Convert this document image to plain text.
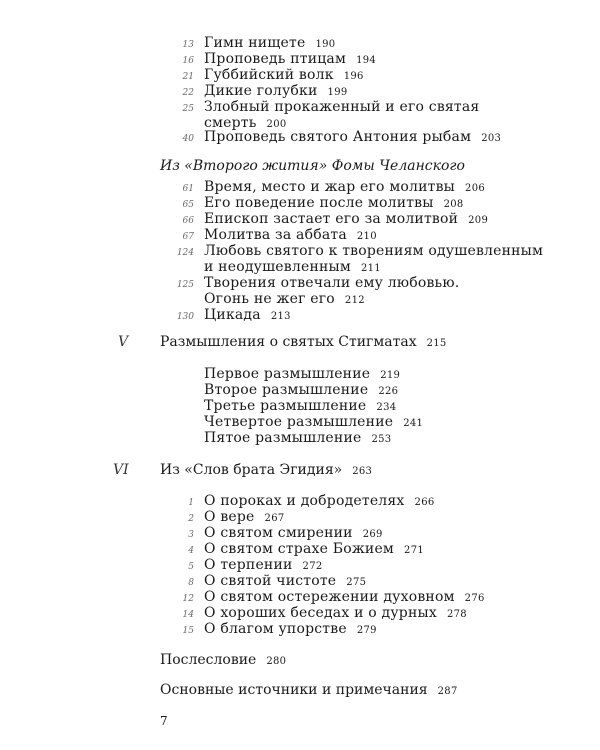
13 Гимн нищете 190
16 Проповедь птицам 194
21 Губбийский волк 196
22 Дикие голубки 199
25 Злобный прокаженный и его святая
смерть 200
40 Проповедь святого Антония рыбам 203
Из «Второго жития» Фомы Челанского
61 Время, место и жар его молитвы 206
65 Его поведение после молитвы 208
66 Епископ застает его за молитвой 209
67 Молитва за аббата 210
124 Любовь святого к творениям одушевленным
и неодушевленным 211
125 Творения отвечали ему любовью.
Огонь не жег его 212
130 Цикада 213
V Размышления о святых Стигматах 215
Первое размышление 219
Второе размышление 226
Третье размышление 234
Четвертое размышление 241
Пятое размышление 253
VI Из «Слов брата Эгидия» 263
1 О пороках и добродетелях 266
2 О вере 267
3 О святом смирении 269
4 О святом страхе Божием 271
5 О терпении 272
8 О святой чистоте 275
12 О святом остережении духовном 276
14 О хороших беседах и о дурных 278
15 О благом упорстве 279
Послесловие 280
Основные источники и примечания 287
7
